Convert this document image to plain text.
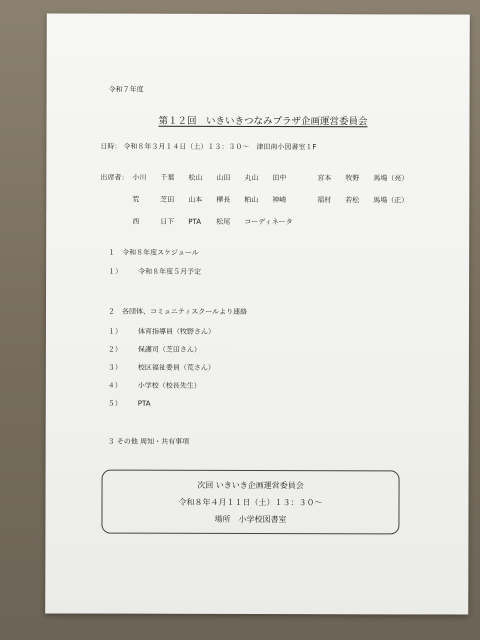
令和７年度
第１２回　いきいきつなみプラザ企画運営委員会
日時： 令和８年３月１４日（土）１３：３０～　津田南小図書室１F
出席者： 小川 千葉 松山 山田 丸山 田中	宮本 牧野 馬場（亮）
荒	芝田 山本 樺長 粕山 神崎	福村 若松 馬場（正）
西	日下 PTA 松尾 コーディネータ
１　令和８年度スケジュール
１） 令和８年度５月予定
２　各団体、コミュニティスクールより連絡
１） 体育指導員（牧野さん）
２） 保護司（芝田さん）
３） 校区福祉委員（荒さん）
４） 小学校（校長先生）
５） PTA
３ その他 周知・共有事項
次回 いきいき企画運営委員会
令和８年４月１１日（土）１３：３０～
場所　小学校図書室
